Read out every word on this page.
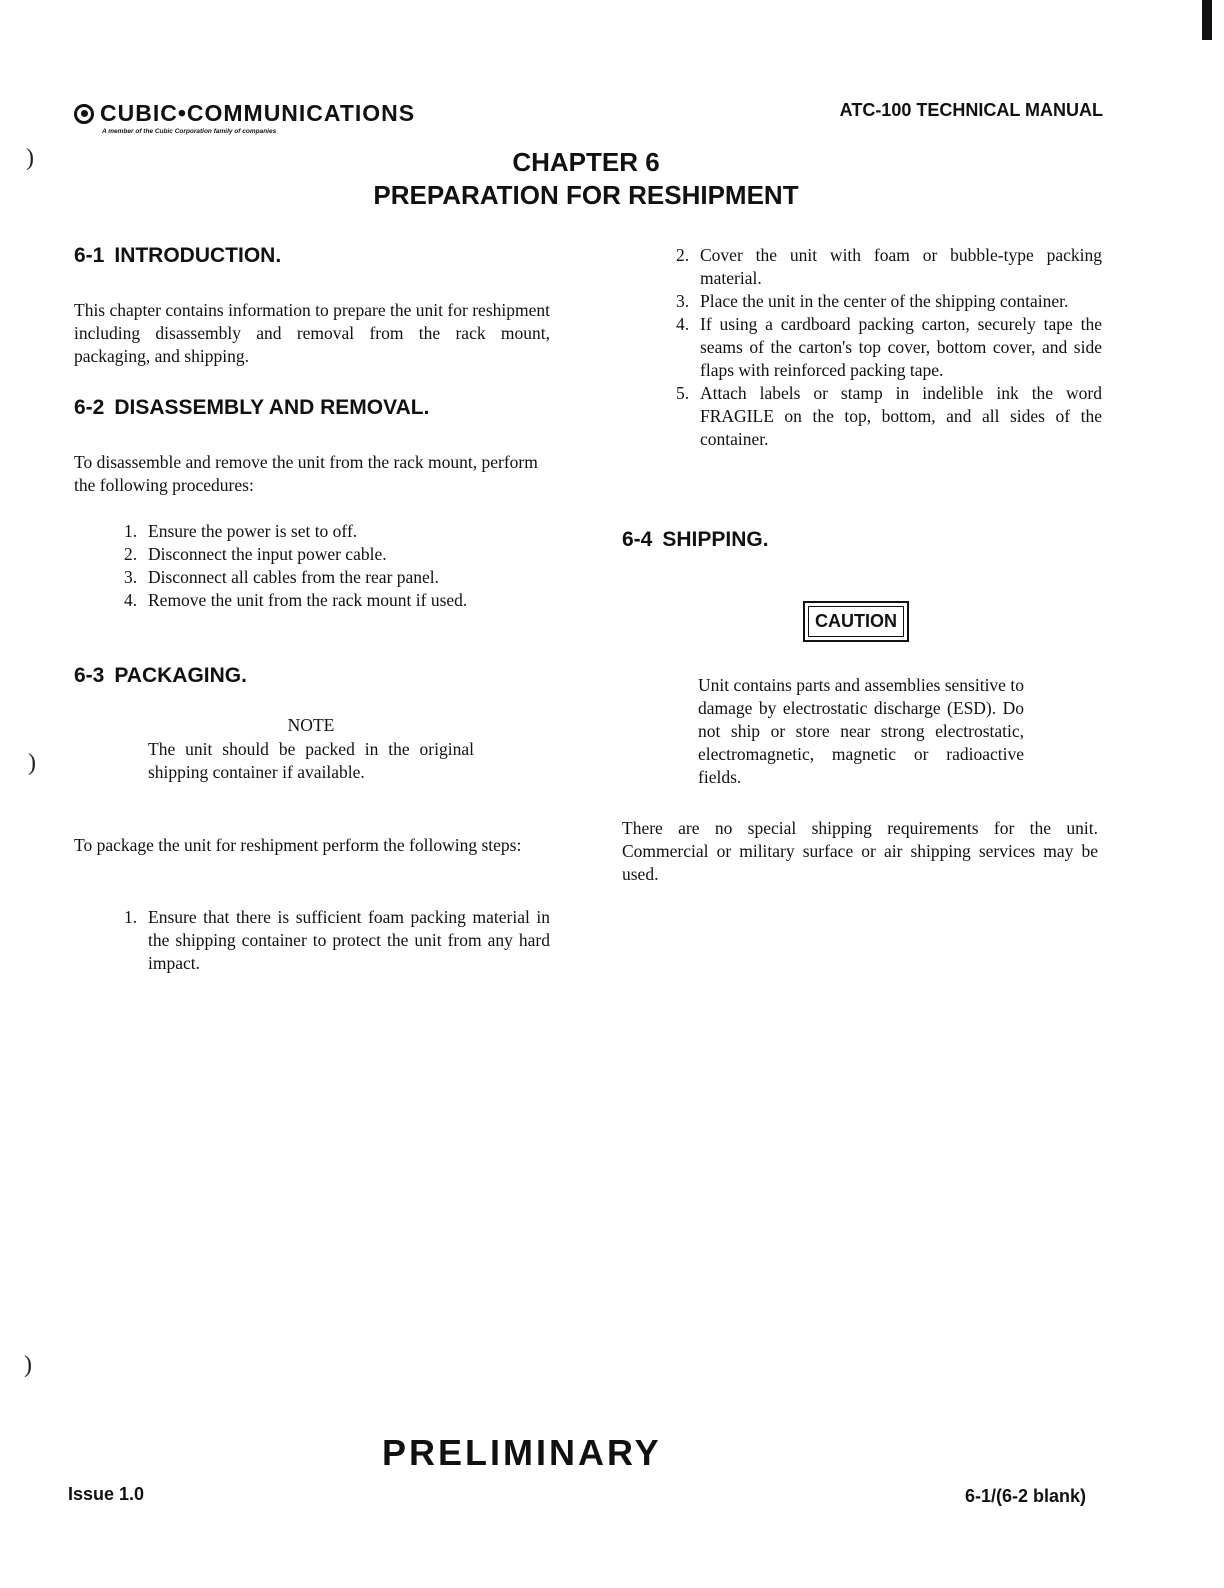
CUBIC•COMMUNICATIONS
A member of the Cubic Corporation family of companies
ATC-100 TECHNICAL MANUAL
CHAPTER 6
PREPARATION FOR RESHIPMENT
6-1 INTRODUCTION.
This chapter contains information to prepare the unit for reshipment including disassembly and removal from the rack mount, packaging, and shipping.
6-2 DISASSEMBLY AND REMOVAL.
To disassemble and remove the unit from the rack mount, perform the following procedures:
1. Ensure the power is set to off.
2. Disconnect the input power cable.
3. Disconnect all cables from the rear panel.
4. Remove the unit from the rack mount if used.
6-3 PACKAGING.
NOTE
The unit should be packed in the original shipping container if available.
To package the unit for reshipment perform the following steps:
1. Ensure that there is sufficient foam packing material in the shipping container to protect the unit from any hard impact.
2. Cover the unit with foam or bubble-type packing material.
3. Place the unit in the center of the shipping container.
4. If using a cardboard packing carton, securely tape the seams of the carton's top cover, bottom cover, and side flaps with reinforced packing tape.
5. Attach labels or stamp in indelible ink the word FRAGILE on the top, bottom, and all sides of the container.
6-4 SHIPPING.
CAUTION
Unit contains parts and assemblies sensitive to damage by electrostatic discharge (ESD). Do not ship or store near strong electrostatic, electromagnetic, magnetic or radioactive fields.
There are no special shipping requirements for the unit. Commercial or military surface or air shipping services may be used.
)
)
)
PRELIMINARY
Issue 1.0	6-1/(6-2 blank)
